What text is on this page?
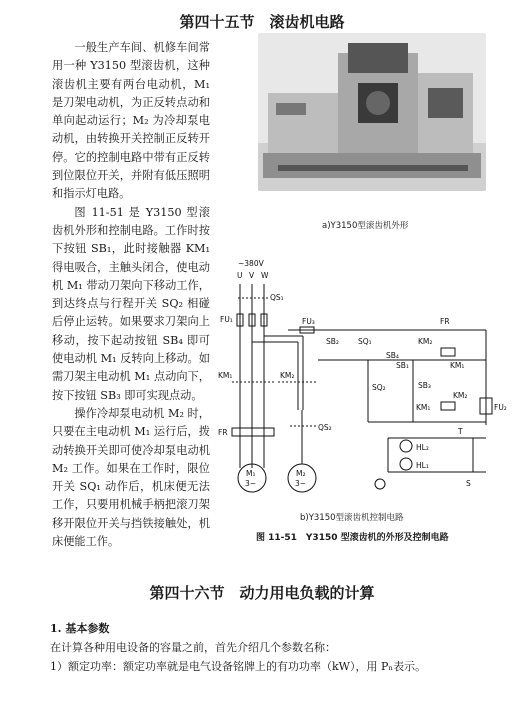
第四十五节　滚齿机电路

一般生产车间、机修车间常用一种 Y3150 型滚齿机，这种滚齿机主要有两台电动机，M₁ 是刀架电动机，为正反转点动和单向起动运行；M₂ 为冷却泵电动机，由转换开关控制正反转开停。它的控制电路中带有正反转到位限位开关，并附有低压照明和指示灯电路。

图 11-51 是 Y3150 型滚齿机外形和控制电路。工作时按下按钮 SB₁，此时接触器 KM₁ 得电吸合，主触头闭合，使电动机 M₁ 带动刀架向下移动工作，到达终点与行程开关 SQ₂ 相碰后停止运转。如果要求刀架向上移动，按下起动按钮 SB₄ 即可使电动机 M₁ 反转向上移动。如需刀架主电动机 M₁ 点动向下，按下按钮 SB₃ 即可实现点动。

操作冷却泵电动机 M₂ 时，只要在主电动机 M₁ 运行后，拨动转换开关即可使冷却泵电动机 M₂ 工作。如果在工作时，限位开关 SQ₁ 动作后，机床便无法工作，只要用机械手柄把滚刀架移开限位开关与挡铁接触处，机床便能工作。

a)Y3150型滚齿机外形
~380V
U V W
QS₁
FU₁	FU₃	FR
SB₂	SQ₁	KM₂
SB₄
SB₁	KM₁
SQ₂	SB₃
KM₁
KM₂
FU₂
KM₁	KM₂
FR
QS₂
M₁	M₂
3~	3~
T
HL₂
HL₁
S
b)Y3150型滚齿机控制电路
图 11-51　Y3150 型滚齿机的外形及控制电路
第四十六节　动力用电负载的计算
1. 基本参数
在计算各种用电设备的容量之前，首先介绍几个参数名称：
1）额定功率：额定功率就是电气设备铭牌上的有功功率（kW），用 Pₙ表示。
